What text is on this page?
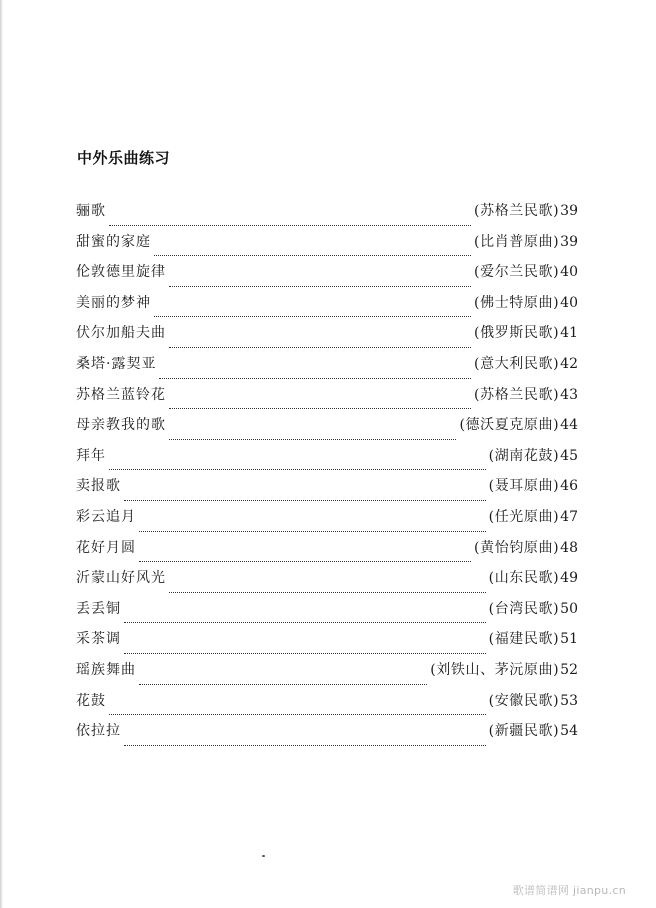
中外乐曲练习
骊歌	(苏格兰民歌) 39
甜蜜的家庭	(比肖普原曲) 39
伦敦德里旋律	(爱尔兰民歌) 40
美丽的梦神	(佛士特原曲) 40
伏尔加船夫曲	(俄罗斯民歌) 41
桑塔·露契亚	(意大利民歌) 42
苏格兰蓝铃花	(苏格兰民歌) 43
母亲教我的歌	(德沃夏克原曲) 44
拜年	(湖南花鼓) 45
卖报歌	(聂耳原曲) 46
彩云追月	(任光原曲) 47
花好月圆	(黄怡钧原曲) 48
沂蒙山好风光	(山东民歌) 49
丢丢铜	(台湾民歌) 50
采茶调	(福建民歌) 51
瑶族舞曲	(刘铁山、茅沅原曲) 52
花鼓	(安徽民歌) 53
依拉拉	(新疆民歌) 54
歌谱简谱网 jianpu.cn
